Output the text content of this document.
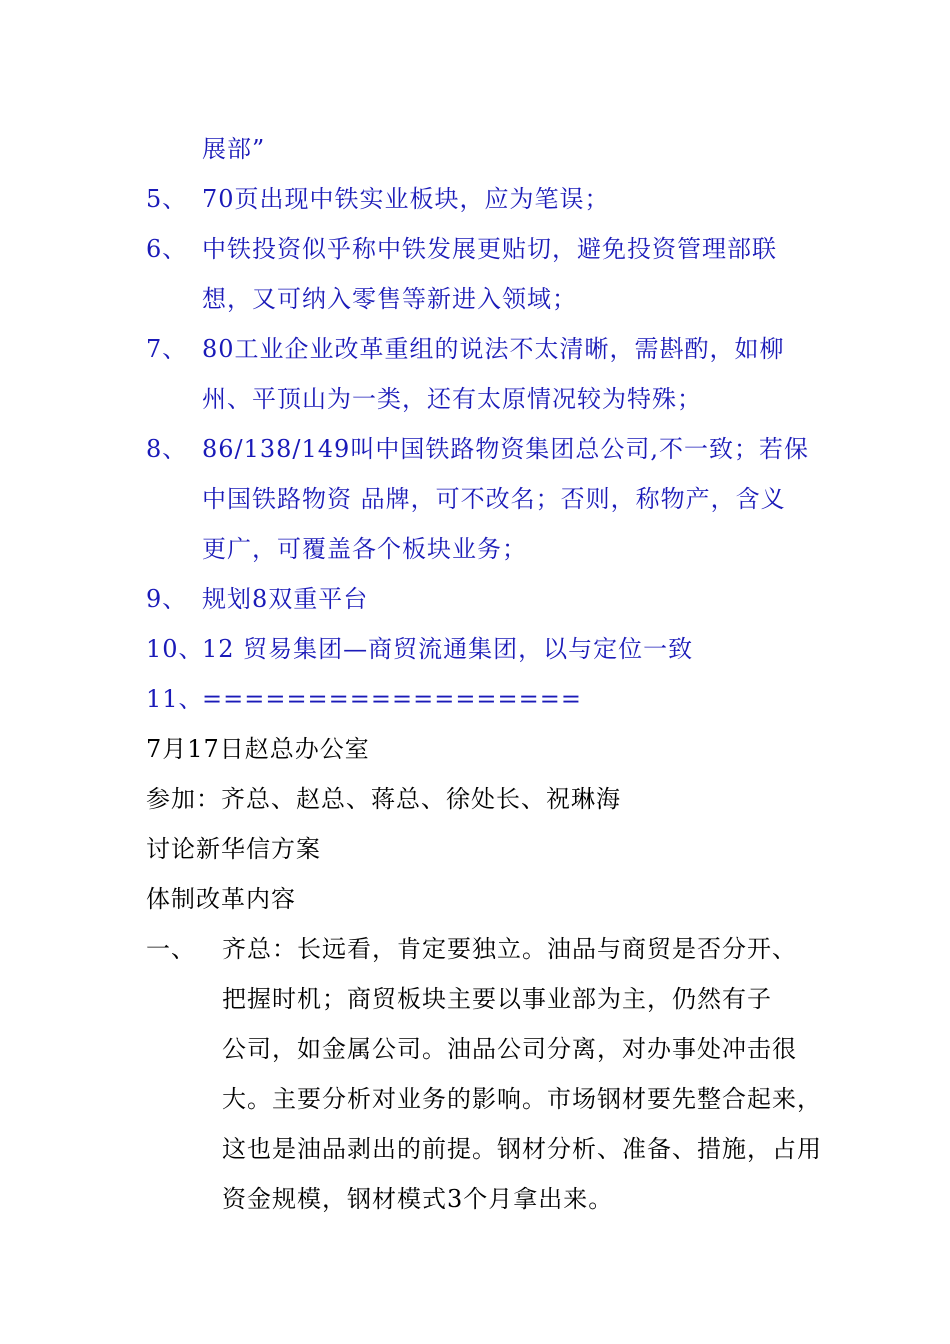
展部”
5、 70页出现中铁实业板块，应为笔误；
6、 中铁投资似乎称中铁发展更贴切，避免投资管理部联
想，又可纳入零售等新进入领域；
7、 80工业企业改革重组的说法不太清晰，需斟酌，如柳
州、平顶山为一类，还有太原情况较为特殊；
8、 86/138/149叫中国铁路物资集团总公司,不一致；若保
中国铁路物资 品牌，可不改名；否则，称物产，含义
更广，可覆盖各个板块业务；
9、 规划8双重平台
10、
12 贸易集团—商贸流通集团，以与定位一致
11、
==================
7月17日赵总办公室
参加：齐总、赵总、蒋总、徐处长、祝琳海
讨论新华信方案
体制改革内容
一、 齐总：长远看，肯定要独立。油品与商贸是否分开、
把握时机；商贸板块主要以事业部为主，仍然有子
公司，如金属公司。油品公司分离，对办事处冲击很
大。主要分析对业务的影响。市场钢材要先整合起来，
这也是油品剥出的前提。钢材分析、准备、措施，占用
资金规模，钢材模式3个月拿出来。
